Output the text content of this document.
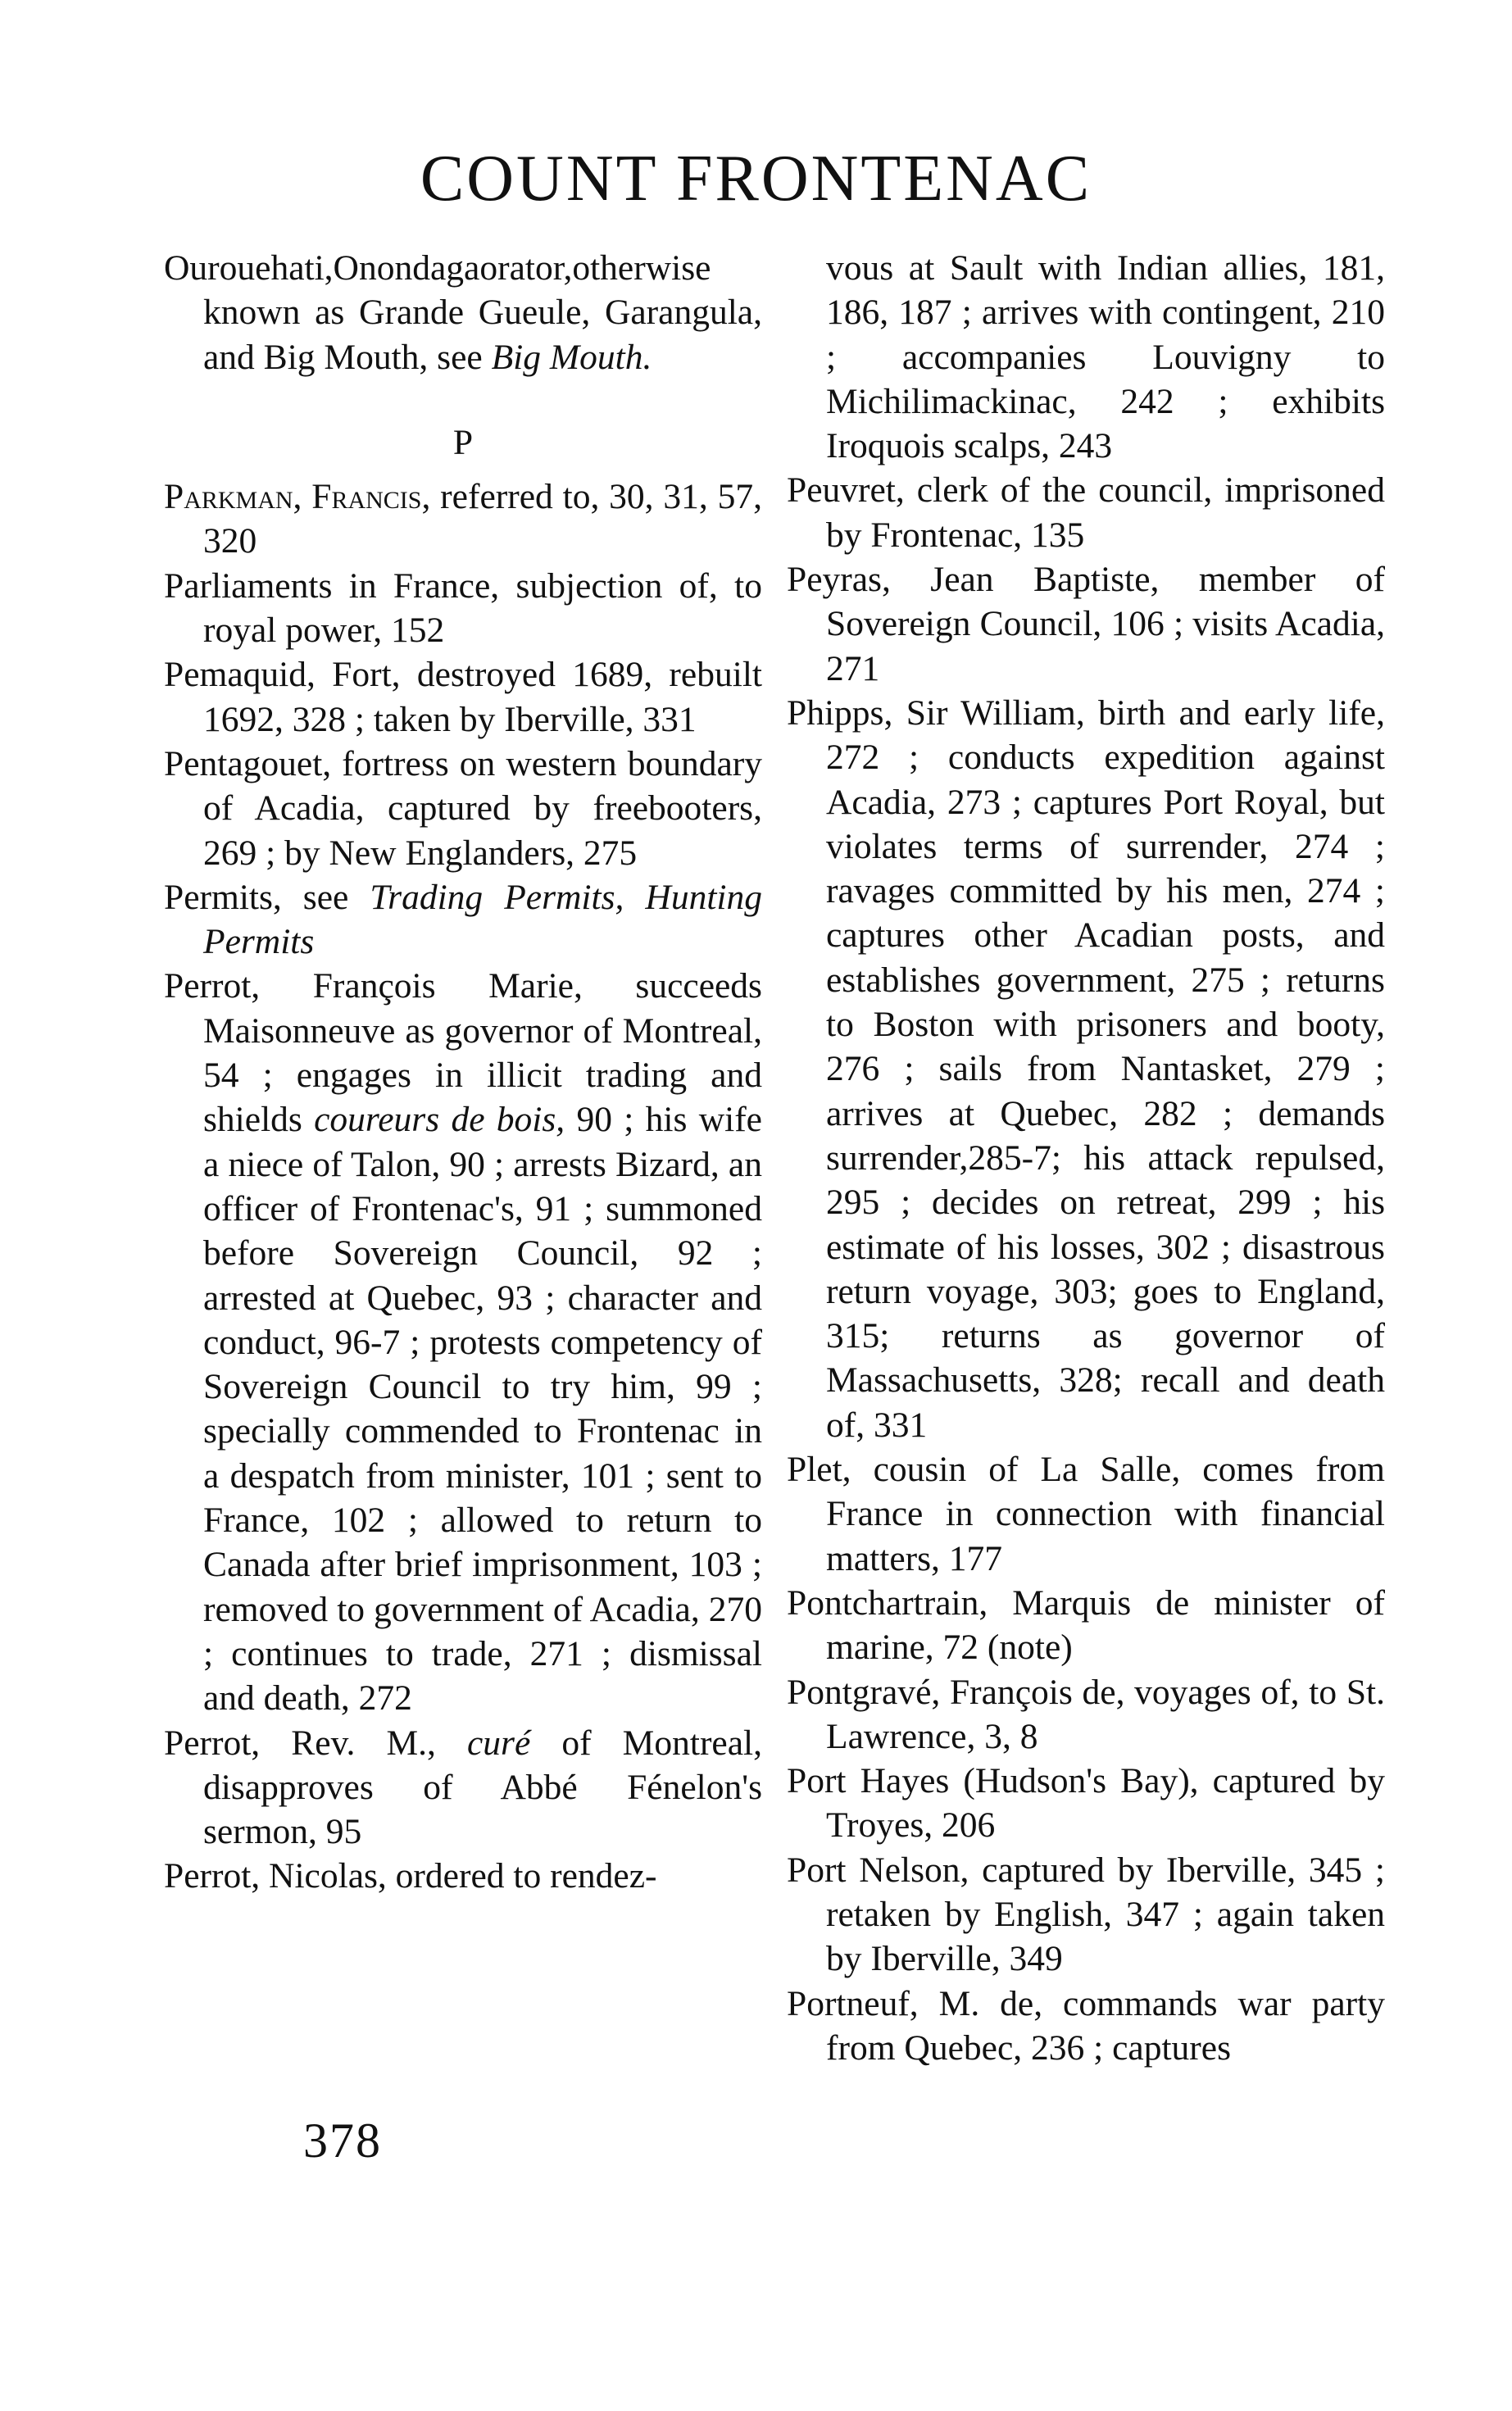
COUNT FRONTENAC
Ourouehati,Onondagaorator,otherwise known as Grande Gueule, Garangula, and Big Mouth, see Big Mouth.
P
Parkman, Francis, referred to, 30, 31, 57, 320
Parliaments in France, subjection of, to royal power, 152
Pemaquid, Fort, destroyed 1689, rebuilt 1692, 328 ; taken by Iberville, 331
Pentagouet, fortress on western boundary of Acadia, captured by freebooters, 269 ; by New Englanders, 275
Permits, see Trading Permits, Hunting Permits
Perrot, François Marie, succeeds Maisonneuve as governor of Montreal, 54 ; engages in illicit trading and shields coureurs de bois, 90 ; his wife a niece of Talon, 90 ; arrests Bizard, an officer of Frontenac's, 91 ; summoned before Sovereign Council, 92 ; arrested at Quebec, 93 ; character and conduct, 96-7 ; protests competency of Sovereign Council to try him, 99 ; specially commended to Frontenac in a despatch from minister, 101 ; sent to France, 102 ; allowed to return to Canada after brief imprisonment, 103 ; removed to government of Acadia, 270 ; continues to trade, 271 ; dismissal and death, 272
Perrot, Rev. M., curé of Montreal, disapproves of Abbé Fénelon's sermon, 95
Perrot, Nicolas, ordered to rendez-
vous at Sault with Indian allies, 181, 186, 187 ; arrives with contingent, 210 ; accompanies Louvigny to Michilimackinac, 242 ; exhibits Iroquois scalps, 243
Peuvret, clerk of the council, imprisoned by Frontenac, 135
Peyras, Jean Baptiste, member of Sovereign Council, 106 ; visits Acadia, 271
Phipps, Sir William, birth and early life, 272 ; conducts expedition against Acadia, 273 ; captures Port Royal, but violates terms of surrender, 274 ; ravages committed by his men, 274 ; captures other Acadian posts, and establishes government, 275 ; returns to Boston with prisoners and booty, 276 ; sails from Nantasket, 279 ; arrives at Quebec, 282 ; demands surrender,285-7; his attack repulsed, 295 ; decides on retreat, 299 ; his estimate of his losses, 302 ; disastrous return voyage, 303; goes to England, 315; returns as governor of Massachusetts, 328; recall and death of, 331
Plet, cousin of La Salle, comes from France in connection with financial matters, 177
Pontchartrain, Marquis de minister of marine, 72 (note)
Pontgravé, François de, voyages of, to St. Lawrence, 3, 8
Port Hayes (Hudson's Bay), captured by Troyes, 206
Port Nelson, captured by Iberville, 345 ; retaken by English, 347 ; again taken by Iberville, 349
Portneuf, M. de, commands war party from Quebec, 236 ; captures
378
